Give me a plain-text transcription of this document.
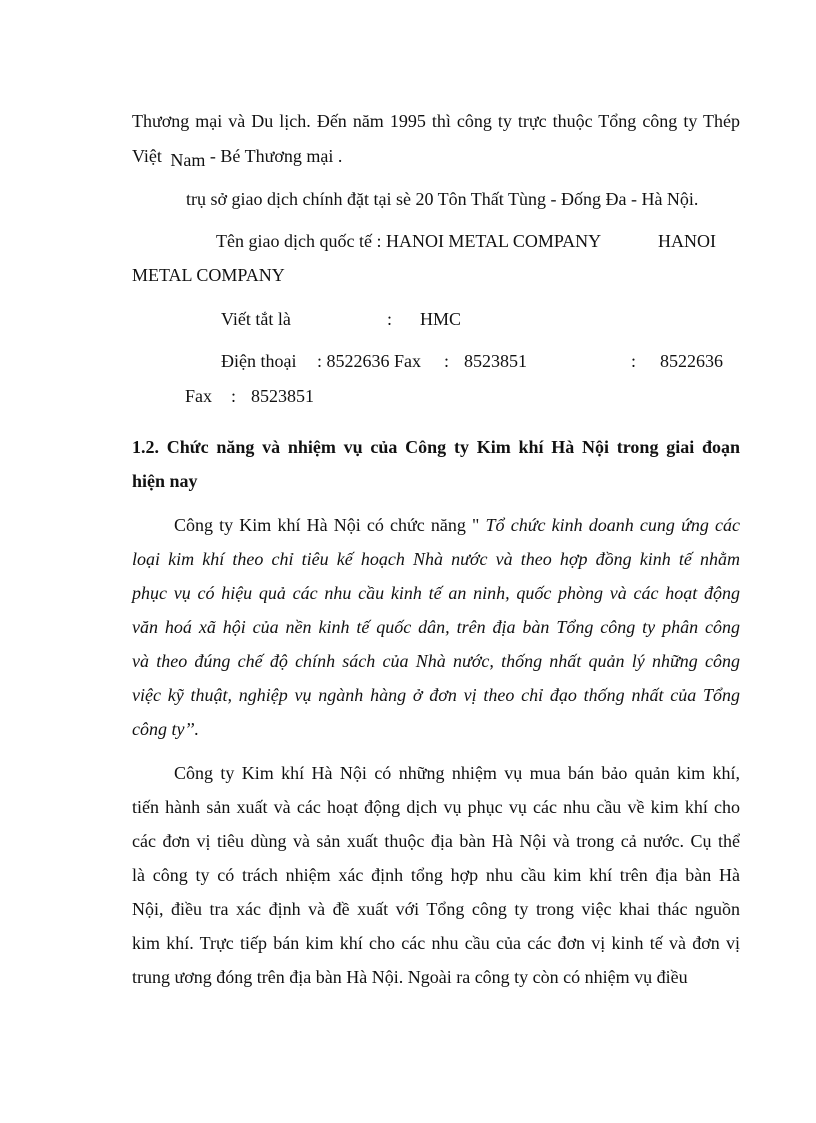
Thương mại và Du lịch. Đến năm 1995 thì công ty trực thuộc Tổng công ty Thép

Việt Nam - Bé Thương mại .

trụ sở giao dịch chính đặt tại sè 20 Tôn Thất Tùng - Đống Đa - Hà Nội.

Tên giao dịch quốc tế : HANOI METAL COMPANY	HANOI

METAL COMPANY

Viết tắt là	: HMC

Điện thoại : 8522636 Fax : 8523851	: 8522636

Fax : 8523851

1.2. Chức năng và nhiệm vụ của Công ty Kim khí Hà Nội trong giai đoạn

hiện nay

Công ty Kim khí Hà Nội có chức năng " Tổ chức kinh doanh cung ứng các

loại kim khí theo chỉ tiêu kế hoạch Nhà nước và theo hợp đồng kinh tế nhằm

phục vụ có hiệu quả các nhu cầu kinh tế an ninh, quốc phòng và các hoạt động

văn hoá xã hội của nền kinh tế quốc dân, trên địa bàn Tổng công ty phân công

và theo đúng chế độ chính sách của Nhà nước, thống nhất quản lý những công

việc kỹ thuật, nghiệp vụ ngành hàng ở đơn vị theo chỉ đạo thống nhất của Tổng

công ty’’.

Công ty Kim khí Hà Nội có những nhiệm vụ mua bán bảo quản kim khí,

tiến hành sản xuất và các hoạt động dịch vụ phục vụ các nhu cầu về kim khí cho

các đơn vị tiêu dùng và sản xuất thuộc địa bàn Hà Nội và trong cả nước. Cụ thể

là công ty có trách nhiệm xác định tổng hợp nhu cầu kim khí trên địa bàn Hà

Nội, điều tra xác định và đề xuất với Tổng công ty trong việc khai thác nguồn

kim khí. Trực tiếp bán kim khí cho các nhu cầu của các đơn vị kinh tế và đơn vị

trung ương đóng trên địa bàn Hà Nội. Ngoài ra công ty còn có nhiệm vụ điều
